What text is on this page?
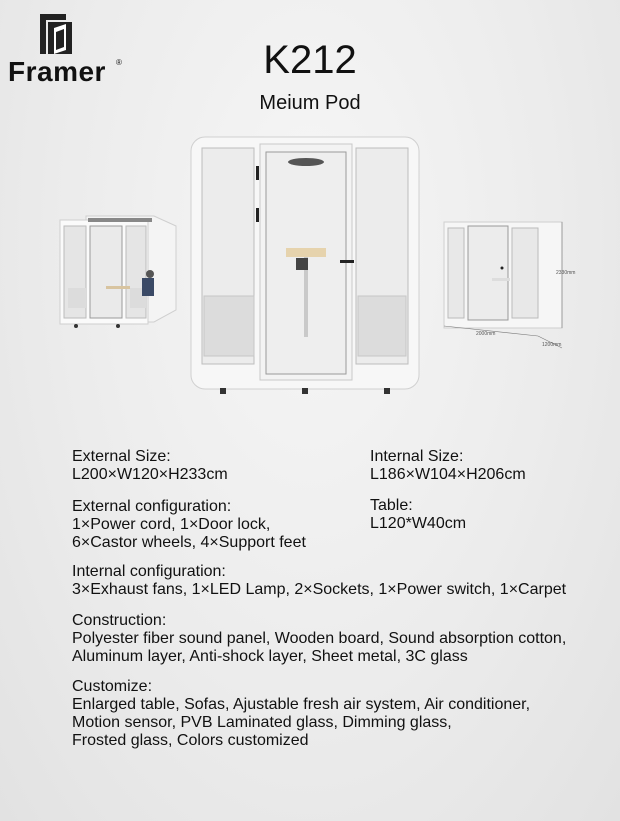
Framer ®	K212
Meium Pod
2330mm
2000mm
1200mm
External Size:
L200×W120×H233cm
Internal Size:
L186×W104×H206cm
External configuration:
1×Power cord, 1×Door lock,
6×Castor wheels, 4×Support feet
Table:
L120*W40cm
Internal configuration:
3×Exhaust fans, 1×LED Lamp, 2×Sockets, 1×Power switch, 1×Carpet
Construction:
Polyester fiber sound panel, Wooden board, Sound absorption cotton,
Aluminum layer, Anti-shock layer, Sheet metal, 3C glass
Customize:
Enlarged table, Sofas, Ajustable fresh air system, Air conditioner,
Motion sensor, PVB Laminated glass, Dimming glass,
Frosted glass, Colors customized
